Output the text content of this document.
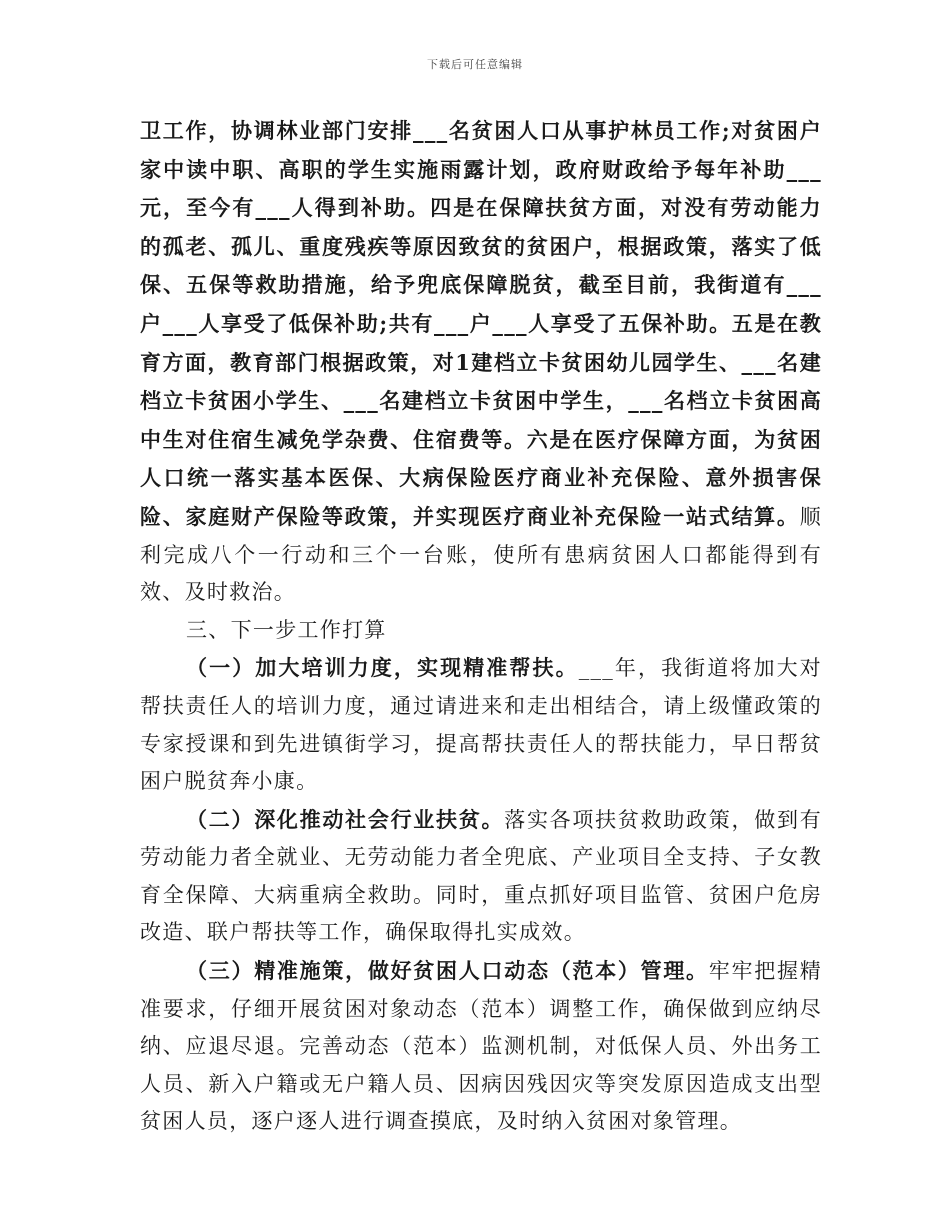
下载后可任意编辑

卫工作，协调林业部门安排___名贫困人口从事护林员工作;对贫困户家中读中职、高职的学生实施雨露计划，政府财政给予每年补助___元，至今有___人得到补助。四是在保障扶贫方面，对没有劳动能力的孤老、孤儿、重度残疾等原因致贫的贫困户，根据政策，落实了低保、五保等救助措施，给予兜底保障脱贫，截至目前，我街道有___户___人享受了低保补助;共有___户___人享受了五保补助。五是在教育方面，教育部门根据政策，对1建档立卡贫困幼儿园学生、___名建档立卡贫困小学生、___名建档立卡贫困中学生，___名档立卡贫困高中生对住宿生减免学杂费、住宿费等。六是在医疗保障方面，为贫困人口统一落实基本医保、大病保险医疗商业补充保险、意外损害保险、家庭财产保险等政策，并实现医疗商业补充保险一站式结算。顺利完成八个一行动和三个一台账，使所有患病贫困人口都能得到有效、及时救治。

三、下一步工作打算

（一）加大培训力度，实现精准帮扶。___年，我街道将加大对帮扶责任人的培训力度，通过请进来和走出相结合，请上级懂政策的专家授课和到先进镇街学习，提高帮扶责任人的帮扶能力，早日帮贫困户脱贫奔小康。

（二）深化推动社会行业扶贫。落实各项扶贫救助政策，做到有劳动能力者全就业、无劳动能力者全兜底、产业项目全支持、子女教育全保障、大病重病全救助。同时，重点抓好项目监管、贫困户危房改造、联户帮扶等工作，确保取得扎实成效。

（三）精准施策，做好贫困人口动态（范本）管理。牢牢把握精准要求，仔细开展贫困对象动态（范本）调整工作，确保做到应纳尽纳、应退尽退。完善动态（范本）监测机制，对低保人员、外出务工人员、新入户籍或无户籍人员、因病因残因灾等突发原因造成支出型贫困人员，逐户逐人进行调查摸底，及时纳入贫困对象管理。
